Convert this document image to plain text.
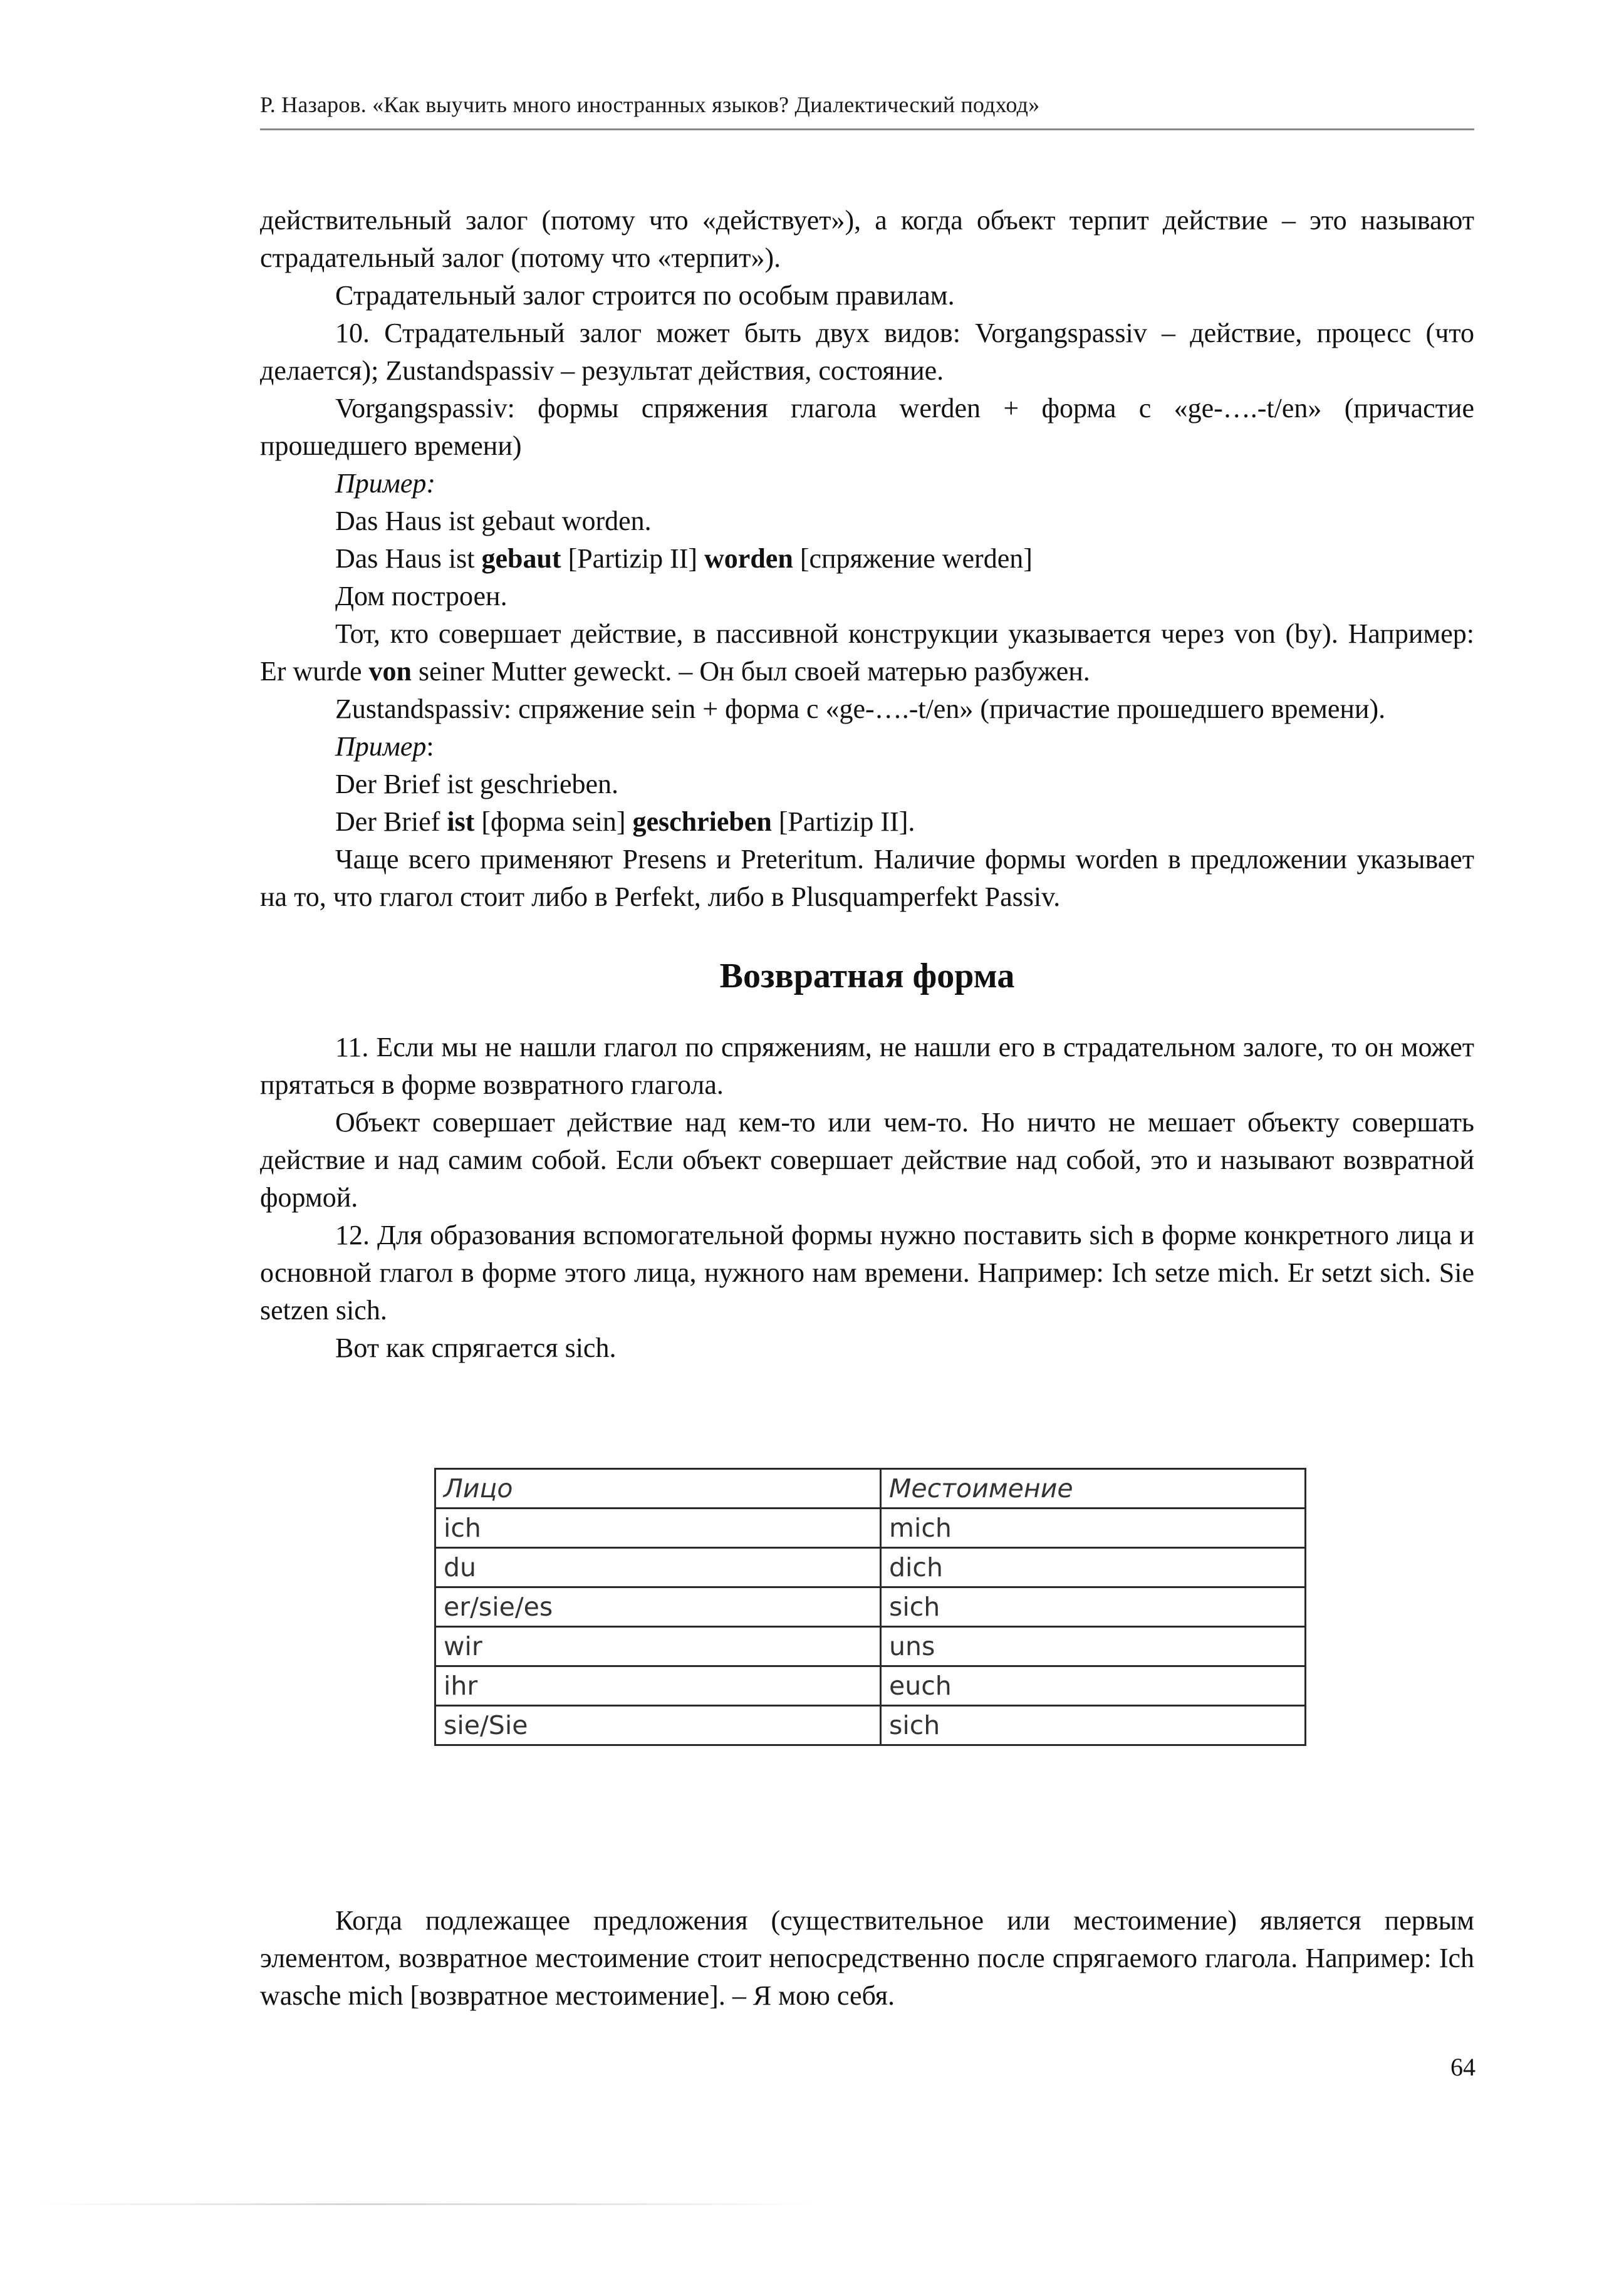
Р. Назаров. «Как выучить много иностранных языков? Диалектический подход»

действительный залог (потому что «действует»), а когда объект терпит действие – это называют страдательный залог (потому что «терпит»).

Страдательный залог строится по особым правилам.

10. Страдательный залог может быть двух видов: Vorgangspassiv – действие, процесс (что делается); Zustandspassiv – результат действия, состояние.

Vorgangspassiv: формы спряжения глагола werden + форма с «ge-….-t/en» (причастие прошедшего времени)

Пример:

Das Haus ist gebaut worden.

Das Haus ist gebaut [Partizip II] worden [спряжение werden]

Дом построен.

Тот, кто совершает действие, в пассивной конструкции указывается через von (by). Например: Er wurde von seiner Mutter geweckt. – Он был своей матерью разбужен.

Zustandspassiv: спряжение sein + форма с «ge-….-t/en» (причастие прошедшего времени).

Пример:

Der Brief ist geschrieben.

Der Brief ist [форма sein] geschrieben [Partizip II].

Чаще всего применяют Presens и Preteritum. Наличие формы worden в предложении указывает на то, что глагол стоит либо в Perfekt, либо в Plusquamperfekt Passiv.

Возвратная форма

11. Если мы не нашли глагол по спряжениям, не нашли его в страдательном залоге, то он может прятаться в форме возвратного глагола.

Объект совершает действие над кем-то или чем-то. Но ничто не мешает объекту совершать действие и над самим собой. Если объект совершает действие над собой, это и называют возвратной формой.

12. Для образования вспомогательной формы нужно поставить sich в форме конкретного лица и основной глагол в форме этого лица, нужного нам времени. Например: Ich setze mich. Er setzt sich. Sie setzen sich.

Вот как спрягается sich.

Лицо	Местоимение
ich	mich
du	dich
er/sie/es	sich
wir	uns
ihr	euch
sie/Sie	sich

Когда подлежащее предложения (существительное или местоимение) является первым элементом, возвратное местоимение стоит непосредственно после спрягаемого глагола. Например: Ich wasche mich [возвратное местоимение]. – Я мою себя.

64
